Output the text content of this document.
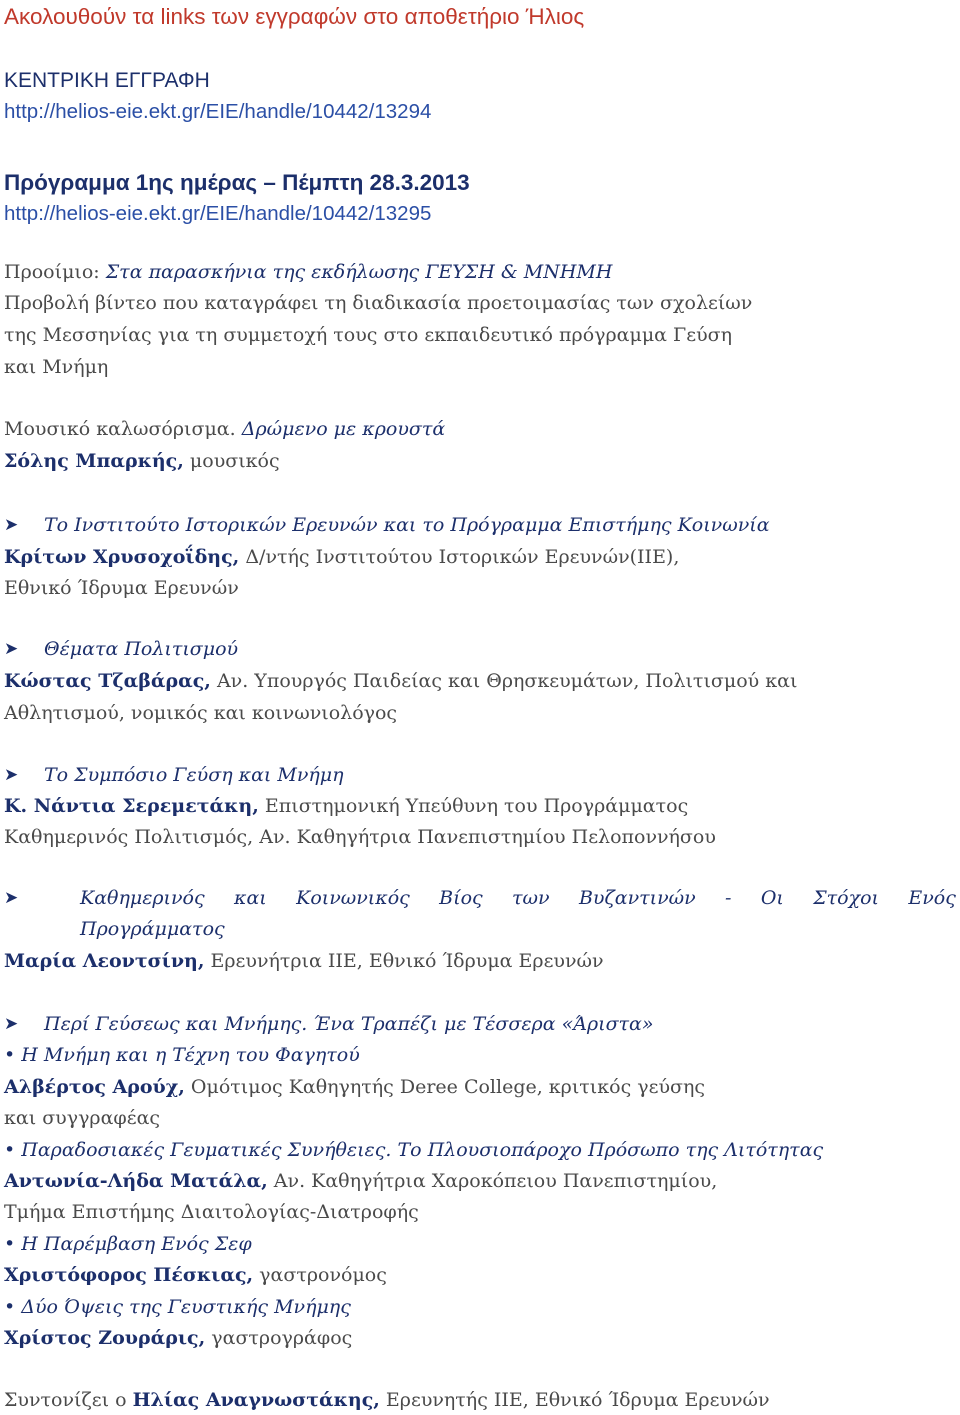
Ακολουθούν τα links των εγγραφών στο αποθετήριο Ήλιος
ΚΕΝΤΡΙΚΗ ΕΓΓΡΑΦΗ
http://helios-eie.ekt.gr/EIE/handle/10442/13294
Πρόγραμμα 1ης ημέρας – Πέμπτη 28.3.2013
http://helios-eie.ekt.gr/EIE/handle/10442/13295
Προοίμιο: Στα παρασκήνια της εκδήλωσης ΓΕΥΣΗ & ΜΝΗΜΗ
Προβολή βίντεο που καταγράφει τη διαδικασία προετοιμασίας των σχολείων
της Μεσσηνίας για τη συμμετοχή τους στο εκπαιδευτικό πρόγραμμα Γεύση
και Μνήμη
Μουσικό καλωσόρισμα. Δρώμενο με κρουστά
Σόλης Μπαρκής, μουσικός
➤ Το Ινστιτούτο Ιστορικών Ερευνών και το Πρόγραμμα Επιστήμης Κοινωνία
Κρίτων Χρυσοχοΐδης, Δ/ντής Ινστιτούτου Ιστορικών Ερευνών(ΙΙΕ),
Εθνικό Ίδρυμα Ερευνών
➤ Θέματα Πολιτισμού
Κώστας Τζαβάρας, Αν. Υπουργός Παιδείας και Θρησκευμάτων, Πολιτισμού και
Αθλητισμού, νομικός και κοινωνιολόγος
➤ Το Συμπόσιο Γεύση και Μνήμη
Κ. Νάντια Σερεμετάκη, Επιστημονική Υπεύθυνη του Προγράμματος
Καθημερινός Πολιτισμός, Αν. Καθηγήτρια Πανεπιστημίου Πελοποννήσου
➤	Καθημερινός και Κοινωνικός Βίος των Βυζαντινών - Οι Στόχοι Ενός
Προγράμματος
Μαρία Λεοντσίνη, Ερευνήτρια ΙΙΕ, Εθνικό Ίδρυμα Ερευνών
➤ Περί Γεύσεως και Μνήμης. Ένα Τραπέζι με Τέσσερα «Άριστα»
• Η Μνήμη και η Τέχνη του Φαγητού
Αλβέρτος Αρούχ, Ομότιμος Καθηγητής Deree College, κριτικός γεύσης
και συγγραφέας
• Παραδοσιακές Γευματικές Συνήθειες. Το Πλουσιοπάροχο Πρόσωπο της Λιτότητας
Αντωνία-Λήδα Ματάλα, Αν. Καθηγήτρια Χαροκόπειου Πανεπιστημίου,
Τμήμα Επιστήμης Διαιτολογίας-Διατροφής
• Η Παρέμβαση Ενός Σεφ
Χριστόφορος Πέσκιας, γαστρονόμος
• Δύο Όψεις της Γευστικής Μνήμης
Χρίστος Ζουράρις, γαστρογράφος
Συντονίζει ο Ηλίας Αναγνωστάκης, Ερευνητής ΙΙΕ, Εθνικό Ίδρυμα Ερευνών
